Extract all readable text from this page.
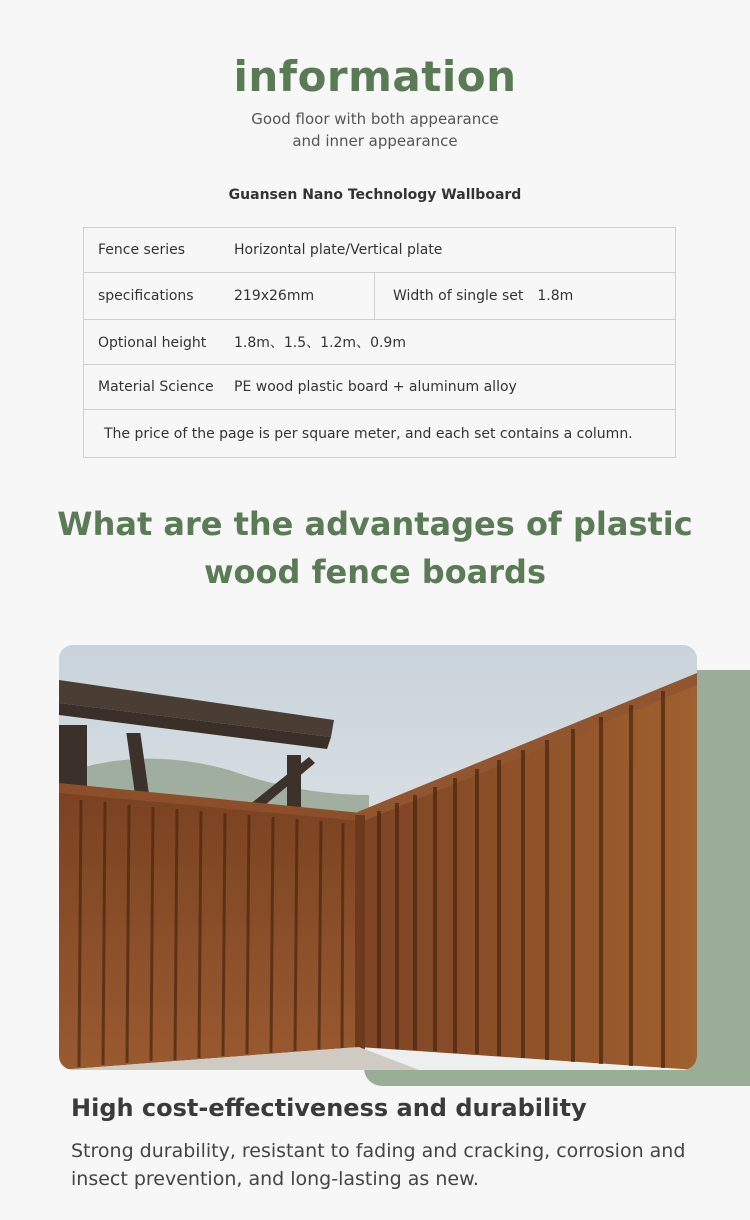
information
Good floor with both appearance
and inner appearance
Guansen Nano Technology Wallboard
Fence series	Horizontal plate/Vertical plate
specifications	219x26mm	Width of single set 1.8m
Optional height 1.8m、1.5、1.2m、0.9m
Material Science PE wood plastic board + aluminum alloy
The price of the page is per square meter, and each set contains a column.
What are the advantages of plastic
wood fence boards
High cost-effectiveness and durability
Strong durability, resistant to fading and cracking, corrosion and insect prevention, and long-lasting as new.
